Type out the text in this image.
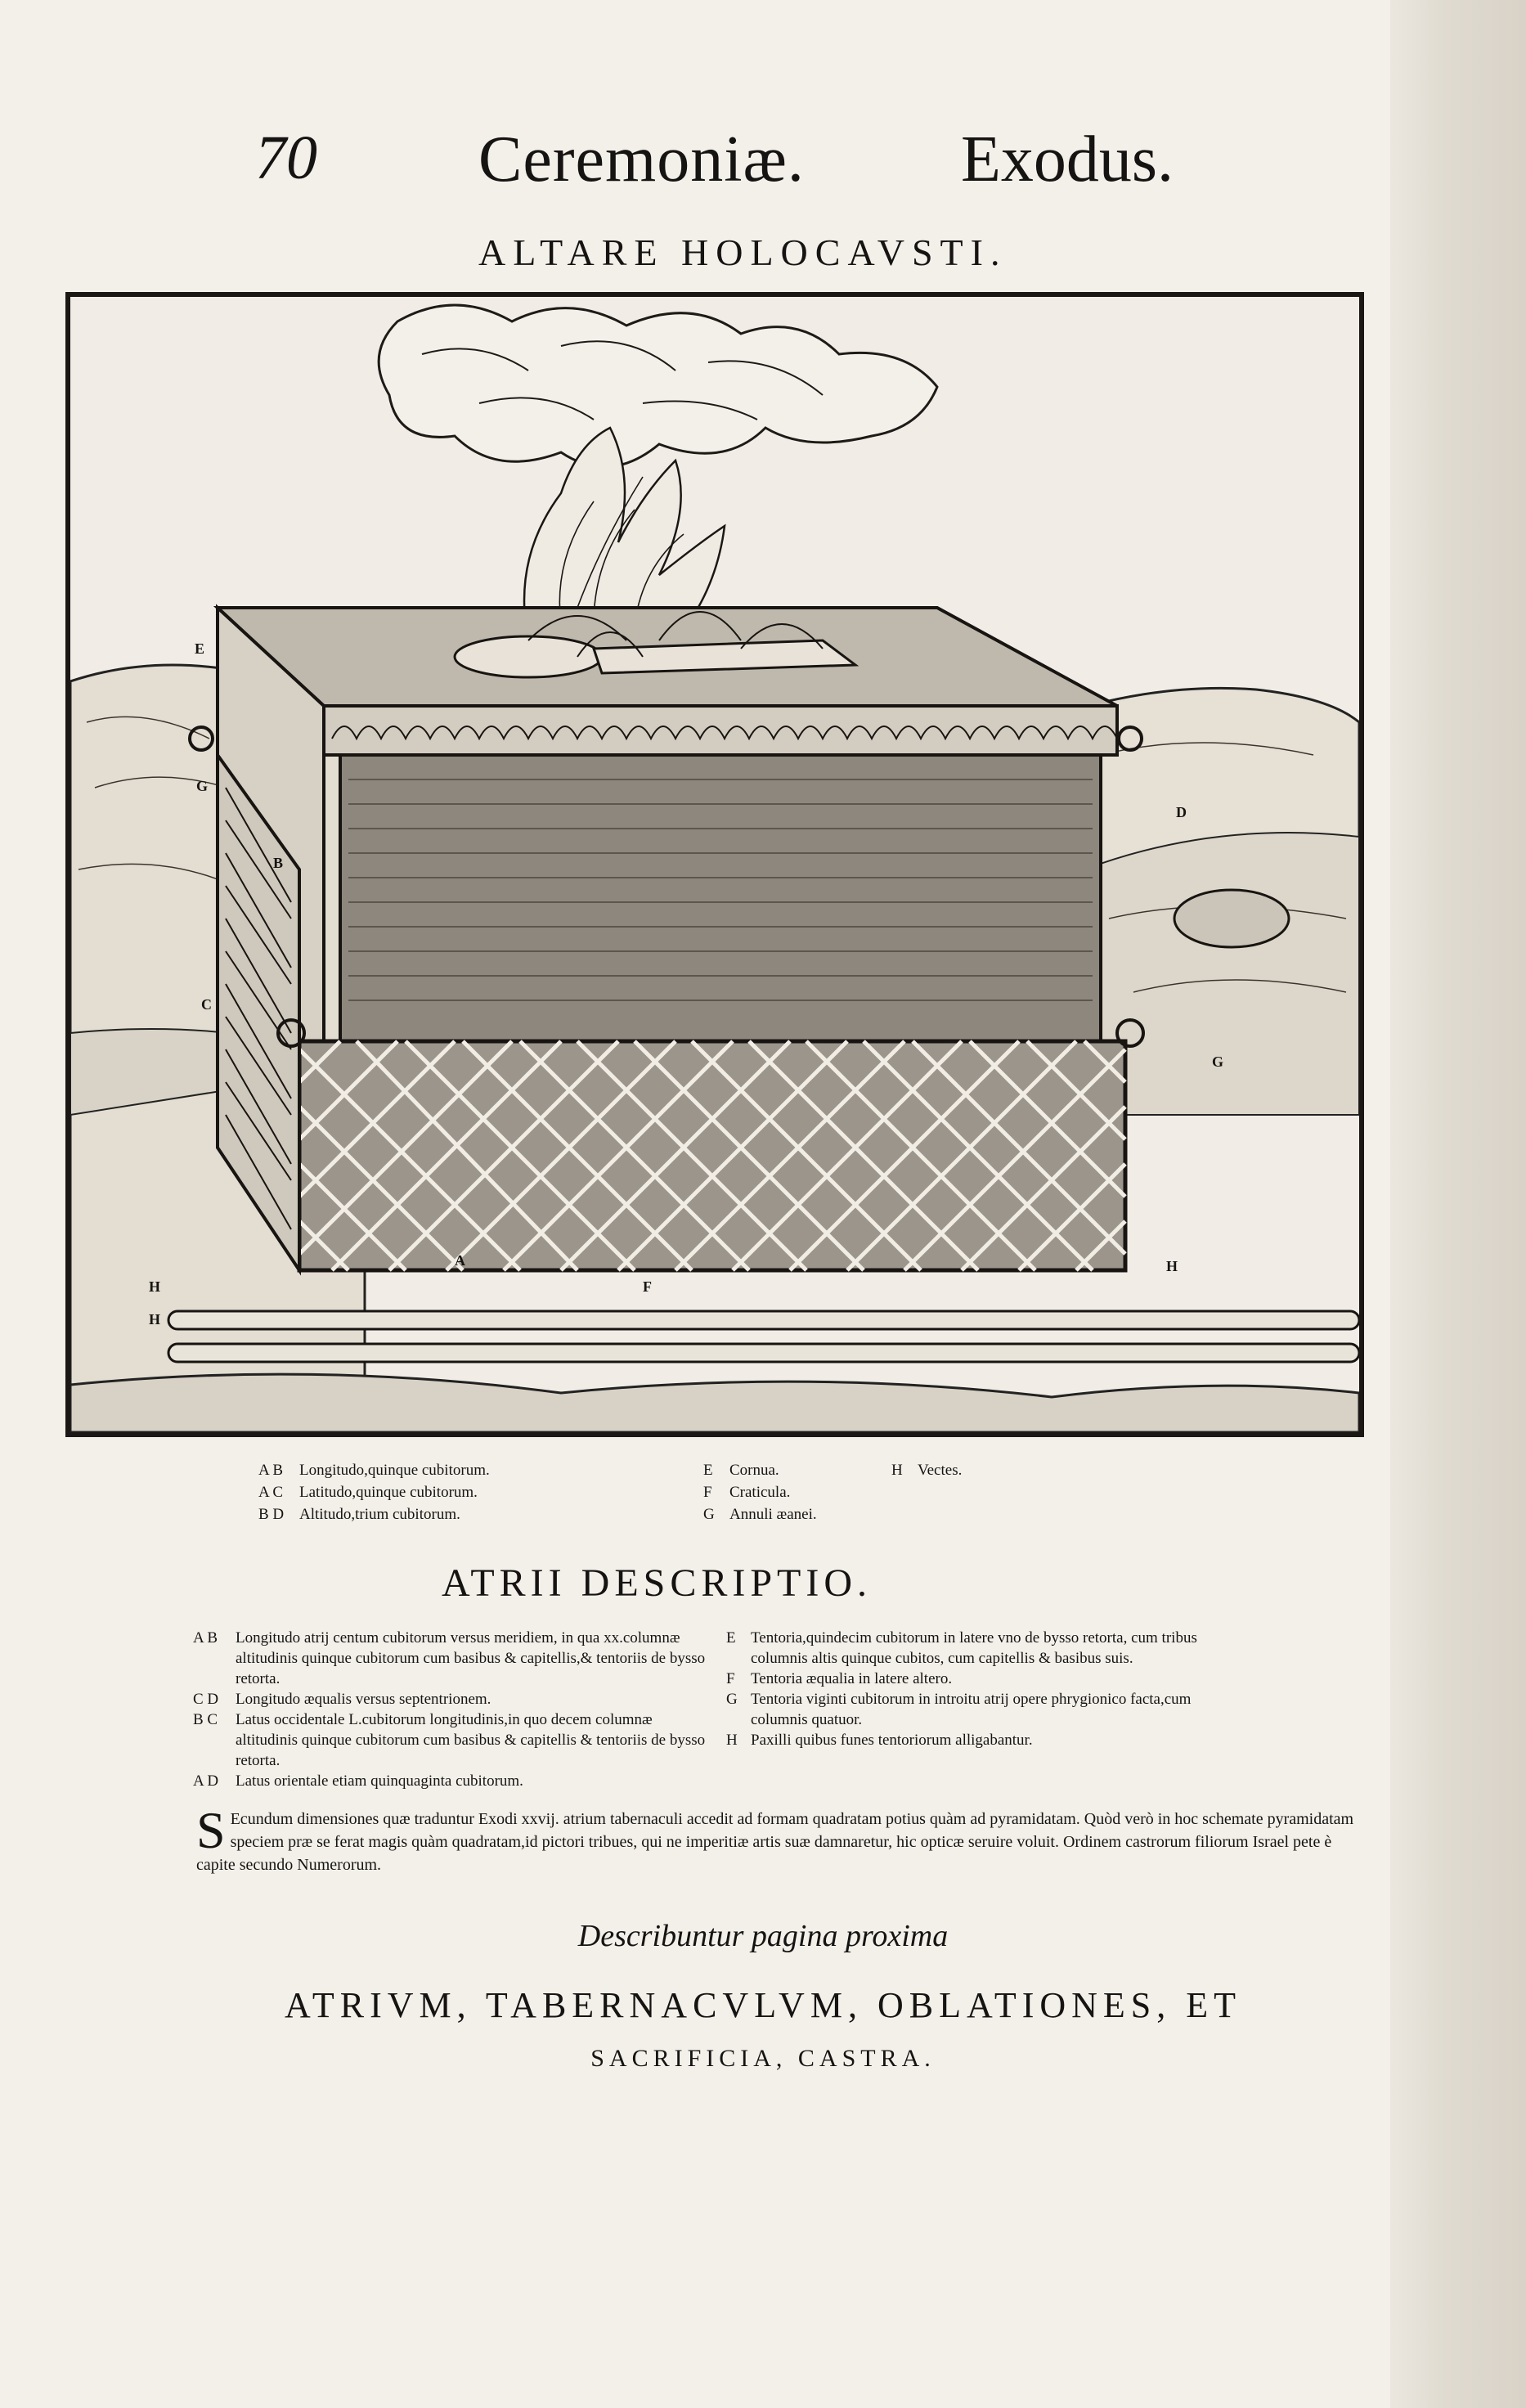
70 Ceremoniæ. Exodus.
ALTARE HOLOCAVSTI.
E
D
B
G
G
C
A	H
H
H
F
A B Longitudo,quinque cubitorum.
A C Latitudo,quinque cubitorum.
B D Altitudo,trium cubitorum.
E Cornua.
F Craticula.
G Annuli æanei.
H Vectes.
ATRII DESCRIPTIO.
A B	Longitudo atrij centum cubitorum versus meridiem, in qua xx.columnæ altitudinis quinque cubitorum cum basibus & capitellis,& tentoriis de bysso retorta.
C D	Longitudo æqualis versus septentrionem.
B C	Latus occidentale L.cubitorum longitudinis,in quo decem columnæ altitudinis quinque cubitorum cum basibus & capitellis & tentoriis de bysso retorta.
A D	Latus orientale etiam quinquaginta cubitorum.
E Tentoria,quindecim cubitorum in latere vno de bysso retorta, cum tribus columnis altis quinque cubitos, cum capitellis & basibus suis.
F	Tentoria æqualia in latere altero.
G Tentoria viginti cubitorum in introitu atrij opere phrygionico facta,cum columnis quatuor.
H Paxilli quibus funes tentoriorum alligabantur.
S Ecundum dimensiones quæ traduntur Exodi xxvij. atrium tabernaculi accedit ad formam quadratam potius quàm ad pyramidatam. Quòd verò in hoc schemate pyramidatam speciem præ se ferat magis quàm quadratam,id pictori tribues, qui ne imperitiæ artis suæ damnaretur, hic opticæ seruire voluit. Ordinem castrorum filiorum Israel pete è capite secundo Numerorum.
Describuntur pagina proxima
ATRIVM, TABERNACVLVM, OBLATIONES, ET
SACRIFICIA, CASTRA.
